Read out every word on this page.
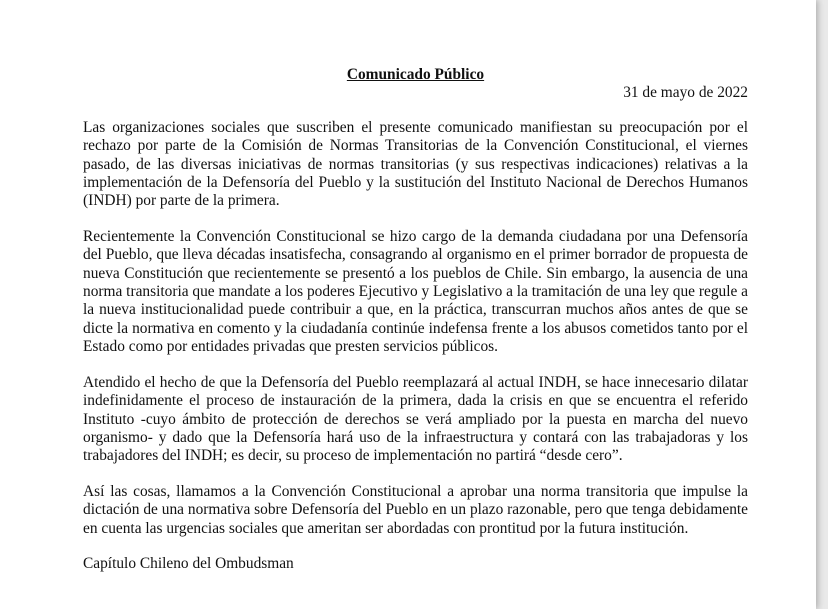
Comunicado Público

31 de mayo de 2022

Las organizaciones sociales que suscriben el presente comunicado manifiestan su preocupación por el rechazo por parte de la Comisión de Normas Transitorias de la Convención Constitucional, el viernes pasado, de las diversas iniciativas de normas transitorias (y sus respectivas indicaciones) relativas a la implementación de la Defensoría del Pueblo y la sustitución del Instituto Nacional de Derechos Humanos (INDH) por parte de la primera.

Recientemente la Convención Constitucional se hizo cargo de la demanda ciudadana por una Defensoría del Pueblo, que lleva décadas insatisfecha, consagrando al organismo en el primer borrador de propuesta de nueva Constitución que recientemente se presentó a los pueblos de Chile. Sin embargo, la ausencia de una norma transitoria que mandate a los poderes Ejecutivo y Legislativo a la tramitación de una ley que regule a la nueva institucionalidad puede contribuir a que, en la práctica, transcurran muchos años antes de que se dicte la normativa en comento y la ciudadanía continúe indefensa frente a los abusos cometidos tanto por el Estado como por entidades privadas que presten servicios públicos.

Atendido el hecho de que la Defensoría del Pueblo reemplazará al actual INDH, se hace innecesario dilatar indefinidamente el proceso de instauración de la primera, dada la crisis en que se encuentra el referido Instituto -cuyo ámbito de protección de derechos se verá ampliado por la puesta en marcha del nuevo organismo- y dado que la Defensoría hará uso de la infraestructura y contará con las trabajadoras y los trabajadores del INDH; es decir, su proceso de implementación no partirá “desde cero”.

Así las cosas, llamamos a la Convención Constitucional a aprobar una norma transitoria que impulse la dictación de una normativa sobre Defensoría del Pueblo en un plazo razonable, pero que tenga debidamente en cuenta las urgencias sociales que ameritan ser abordadas con prontitud por la futura institución.

Capítulo Chileno del Ombudsman
